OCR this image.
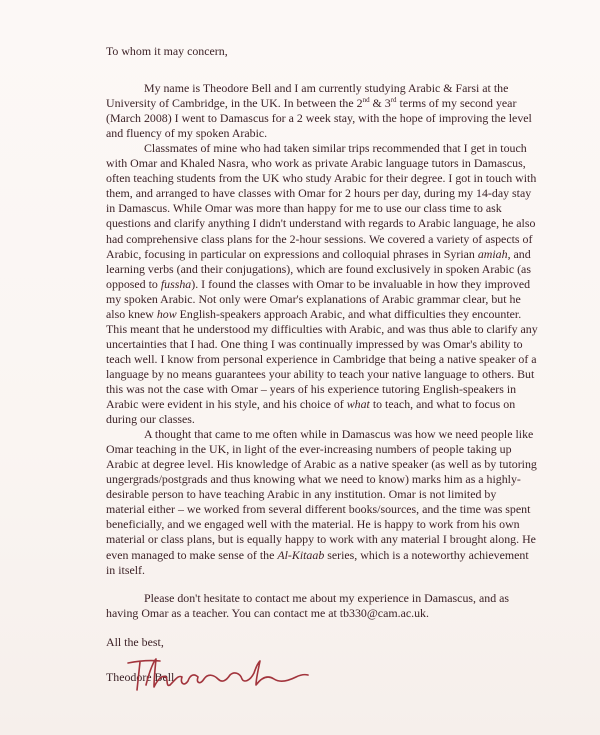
To whom it may concern,

My name is Theodore Bell and I am currently studying Arabic & Farsi at the University of Cambridge, in the UK. In between the 2nd & 3rd terms of my second year (March 2008) I went to Damascus for a 2 week stay, with the hope of improving the level and fluency of my spoken Arabic.

Classmates of mine who had taken similar trips recommended that I get in touch with Omar and Khaled Nasra, who work as private Arabic language tutors in Damascus, often teaching students from the UK who study Arabic for their degree. I got in touch with them, and arranged to have classes with Omar for 2 hours per day, during my 14-day stay in Damascus. While Omar was more than happy for me to use our class time to ask questions and clarify anything I didn't understand with regards to Arabic language, he also had comprehensive class plans for the 2-hour sessions. We covered a variety of aspects of Arabic, focusing in particular on expressions and colloquial phrases in Syrian amiah, and learning verbs (and their conjugations), which are found exclusively in spoken Arabic (as opposed to fussha). I found the classes with Omar to be invaluable in how they improved my spoken Arabic. Not only were Omar's explanations of Arabic grammar clear, but he also knew how English-speakers approach Arabic, and what difficulties they encounter. This meant that he understood my difficulties with Arabic, and was thus able to clarify any uncertainties that I had. One thing I was continually impressed by was Omar's ability to teach well. I know from personal experience in Cambridge that being a native speaker of a language by no means guarantees your ability to teach your native language to others. But this was not the case with Omar – years of his experience tutoring English-speakers in Arabic were evident in his style, and his choice of what to teach, and what to focus on during our classes.

A thought that came to me often while in Damascus was how we need people like Omar teaching in the UK, in light of the ever-increasing numbers of people taking up Arabic at degree level. His knowledge of Arabic as a native speaker (as well as by tutoring ungergrads/postgrads and thus knowing what we need to know) marks him as a highly-desirable person to have teaching Arabic in any institution. Omar is not limited by material either – we worked from several different books/sources, and the time was spent beneficially, and we engaged well with the material. He is happy to work from his own material or class plans, but is equally happy to work with any material I brought along. He even managed to make sense of the Al-Kitaab series, which is a noteworthy achievement in itself.

Please don't hesitate to contact me about my experience in Damascus, and as having Omar as a teacher. You can contact me at tb330@cam.ac.uk.

All the best,

Theodore Bell
